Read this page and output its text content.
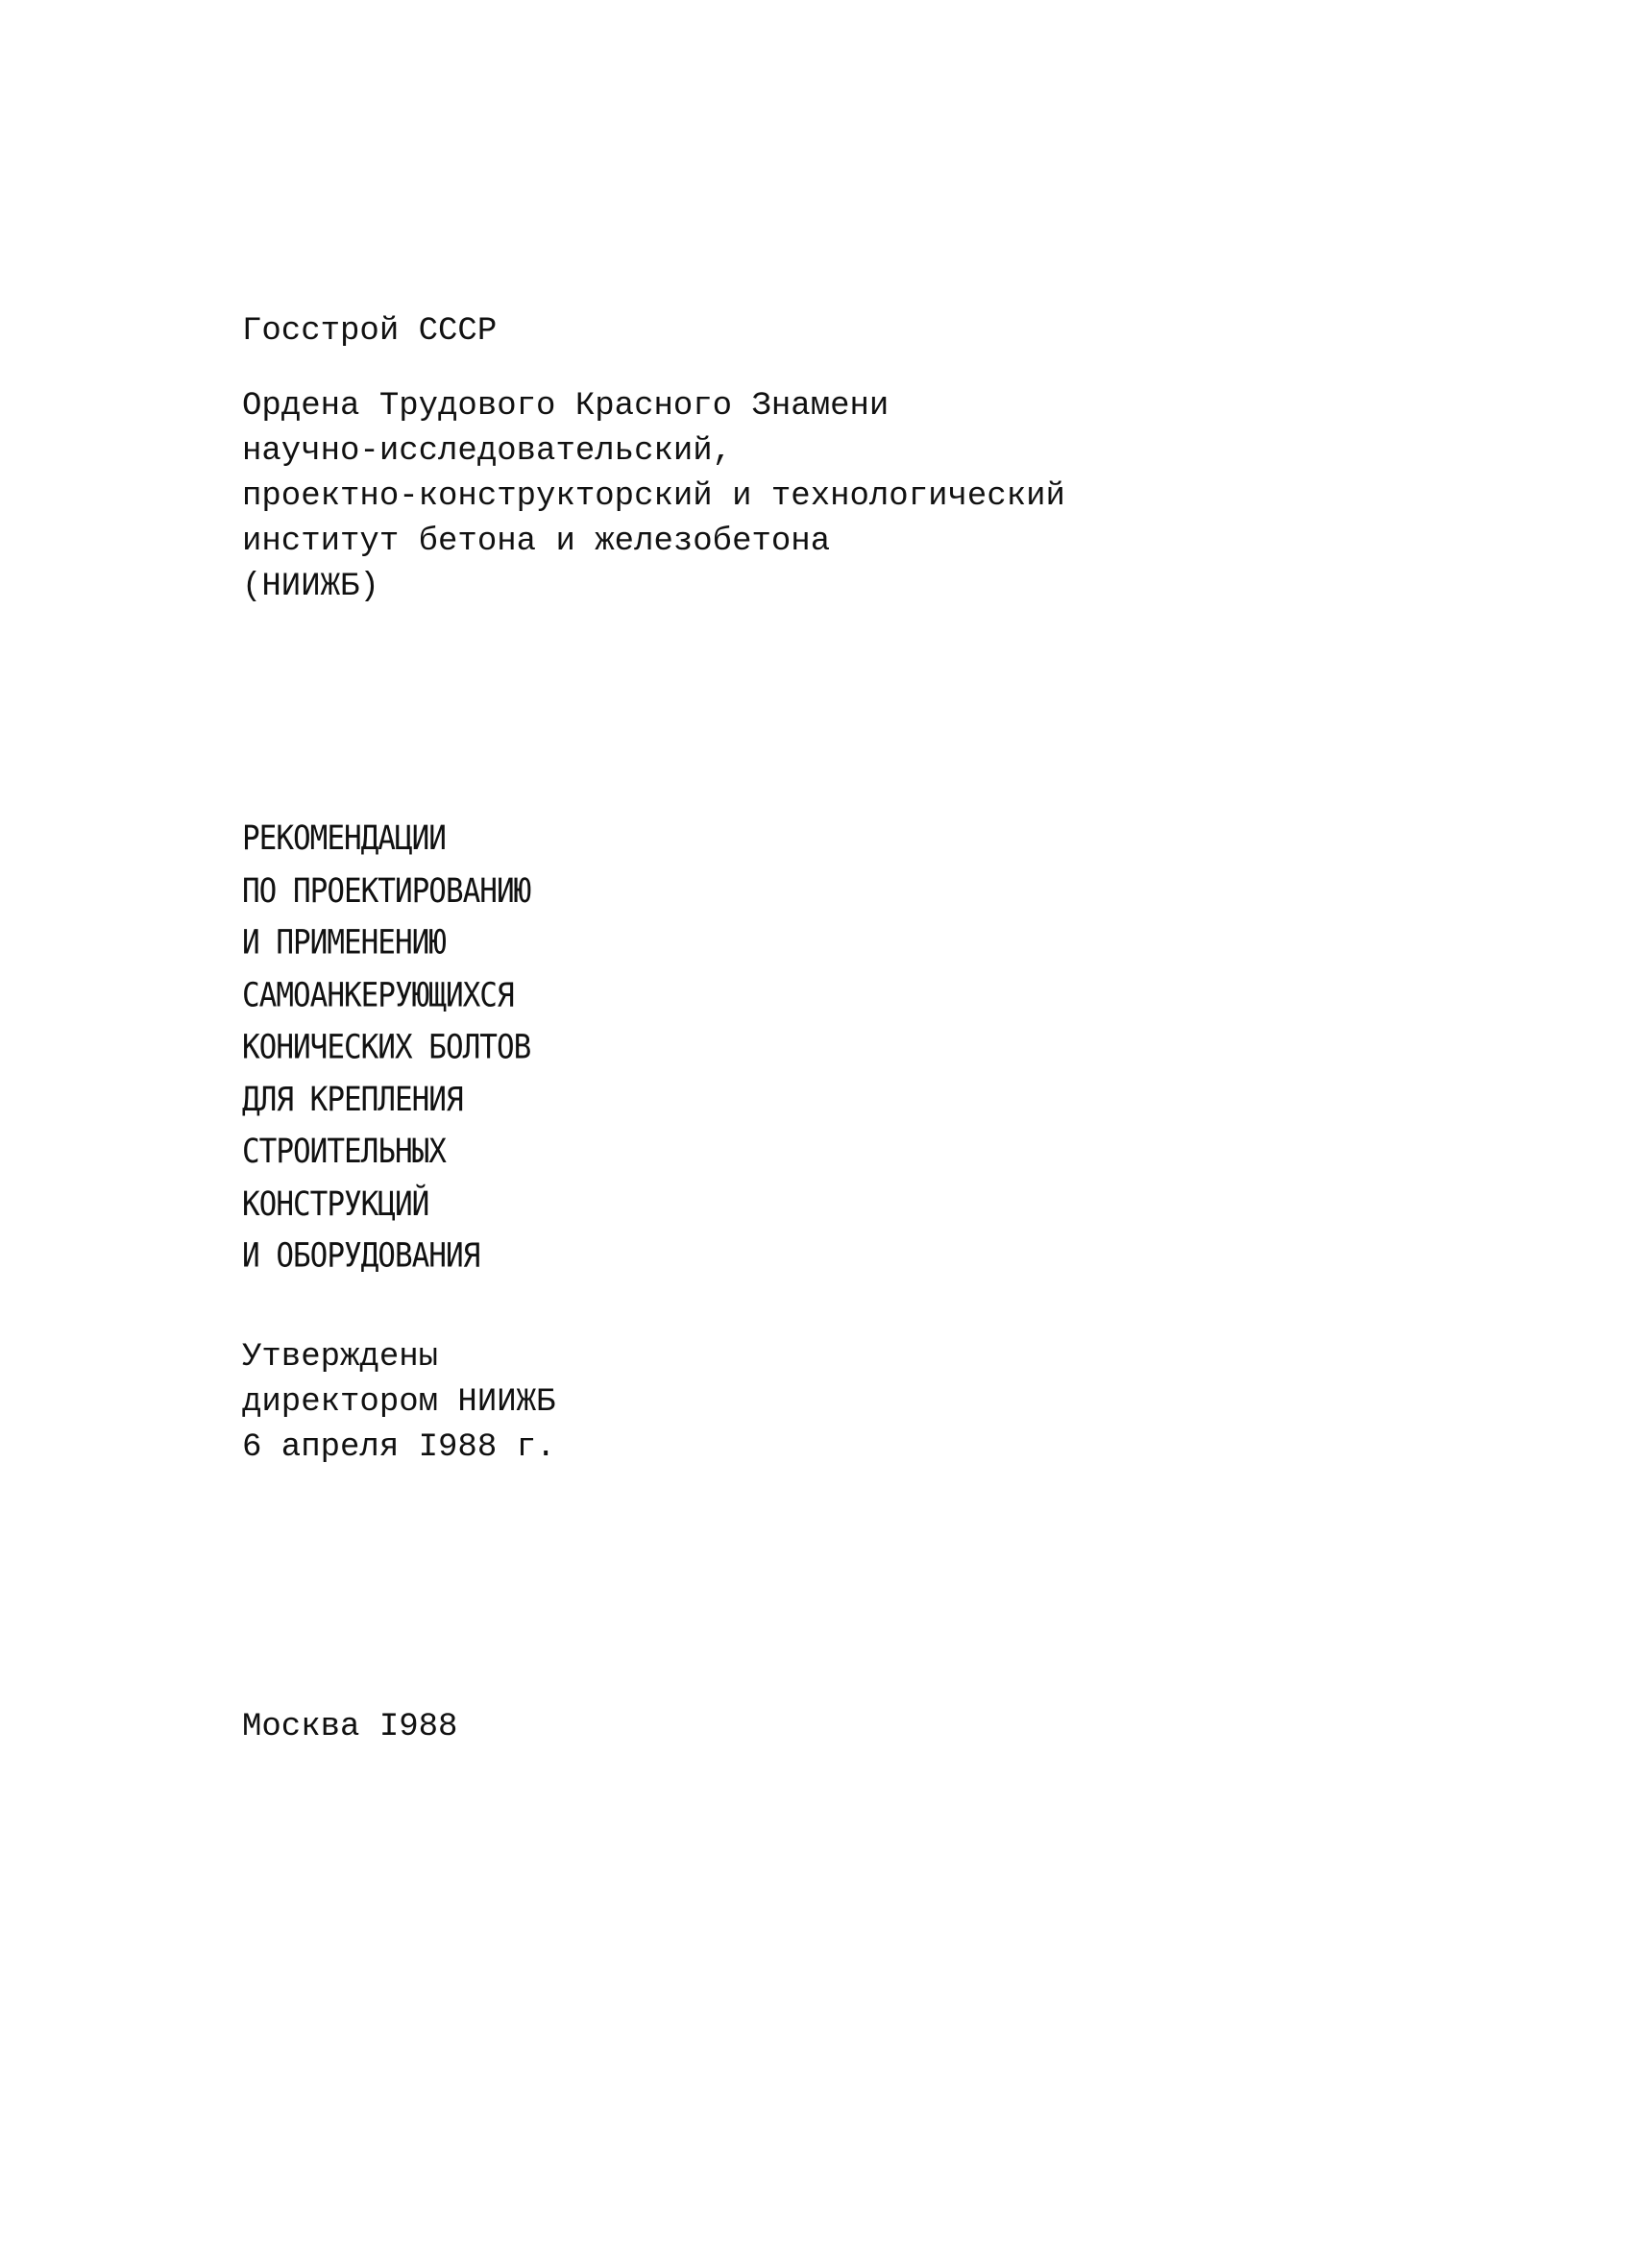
Госстрой СССР
Ордена Трудового Красного Знамени
научно-исследовательский,
проектно-конструкторский и технологический
институт бетона и железобетона
(НИИЖБ)
РЕКОМЕНДАЦИИ
ПО ПРОЕКТИРОВАНИЮ
И ПРИМЕНЕНИЮ
САМОАНКЕРУЮЩИХСЯ
КОНИЧЕСКИХ БОЛТОВ
ДЛЯ КРЕПЛЕНИЯ
СТРОИТЕЛЬНЫХ
КОНСТРУКЦИЙ
И ОБОРУДОВАНИЯ
Утверждены
директором НИИЖБ
6 апреля I988 г.
Москва I988
